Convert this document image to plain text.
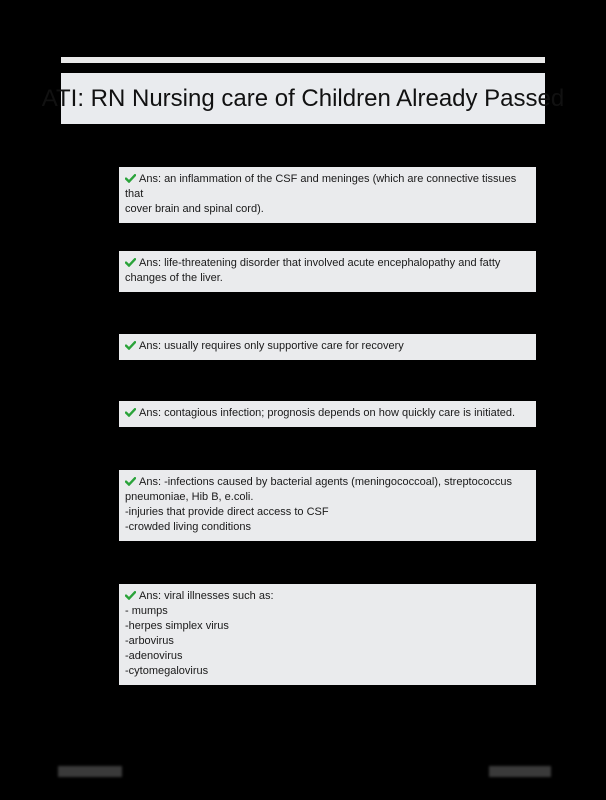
ATI: RN Nursing care of Children Already Passed
Ans: an inflammation of the CSF and meninges (which are connective tissues that
cover brain and spinal cord).
Ans: life-threatening disorder that involved acute encephalopathy and fatty
changes of the liver.
Ans: usually requires only supportive care for recovery
Ans: contagious infection; prognosis depends on how quickly care is initiated.
Ans: -infections caused by bacterial agents (meningococcoal), streptococcus
pneumoniae, Hib B, e.coli.
-injuries that provide direct access to CSF
-crowded living conditions
Ans: viral illnesses such as:
- mumps
-herpes simplex virus
-arbovirus
-adenovirus
-cytomegalovirus
